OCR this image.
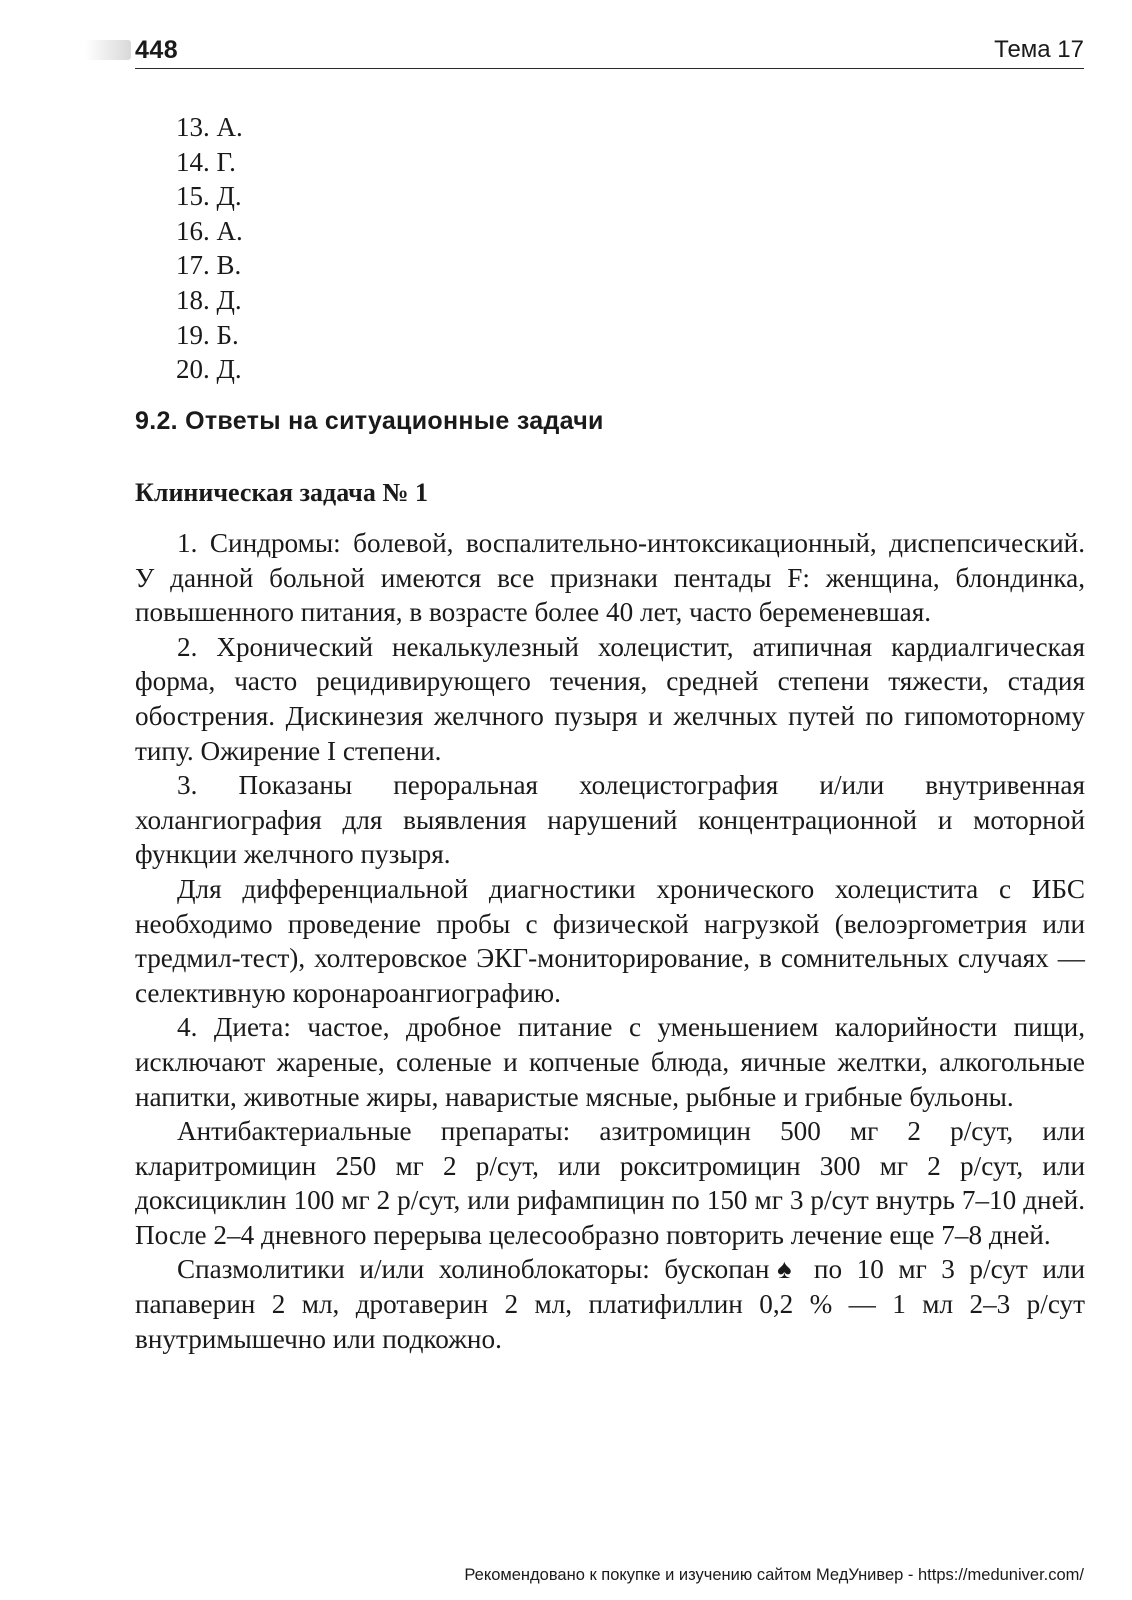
448	Тема 17
13. А.
14. Г.
15. Д.
16. А.
17. В.
18. Д.
19. Б.
20. Д.
9.2. Ответы на ситуационные задачи
Клиническая задача № 1

1. Синдромы: болевой, воспалительно-интоксикационный, диспепсический. У данной больной имеются все признаки пентады F: женщина, блондинка, повышенного питания, в возрасте более 40 лет, часто беременевшая.

2. Хронический некалькулезный холецистит, атипичная кардиалгическая форма, часто рецидивирующего течения, средней степени тяжести, стадия обострения. Дискинезия желчного пузыря и желчных путей по гипомоторному типу. Ожирение I степени.

3. Показаны пероральная холецистография и/или внутривенная холангиография для выявления нарушений концентрационной и моторной функции желчного пузыря.

Для дифференциальной диагностики хронического холецистита с ИБС необходимо проведение пробы с физической нагрузкой (велоэргометрия или тредмил-тест), холтеровское ЭКГ-мониторирование, в сомнительных случаях — селективную коронароангиографию.

4. Диета: частое, дробное питание с уменьшением калорийности пищи, исключают жареные, соленые и копченые блюда, яичные желтки, алкогольные напитки, животные жиры, наваристые мясные, рыбные и грибные бульоны.

Антибактериальные препараты: азитромицин 500 мг 2 р/сут, или кларитромицин 250 мг 2 р/сут, или рокситромицин 300 мг 2 р/сут, или доксициклин 100 мг 2 р/сут, или рифампицин по 150 мг 3 р/сут внутрь 7–10 дней. После 2–4 дневного перерыва целесообразно повторить лечение еще 7–8 дней.

Спазмолитики и/или холиноблокаторы: бускопан♠ по 10 мг 3 р/сут или папаверин 2 мл, дротаверин 2 мл, платифиллин 0,2 % — 1 мл 2–3 р/сут внутримышечно или подкожно.

Рекомендовано к покупке и изучению сайтом МедУнивер - https://meduniver.com/
